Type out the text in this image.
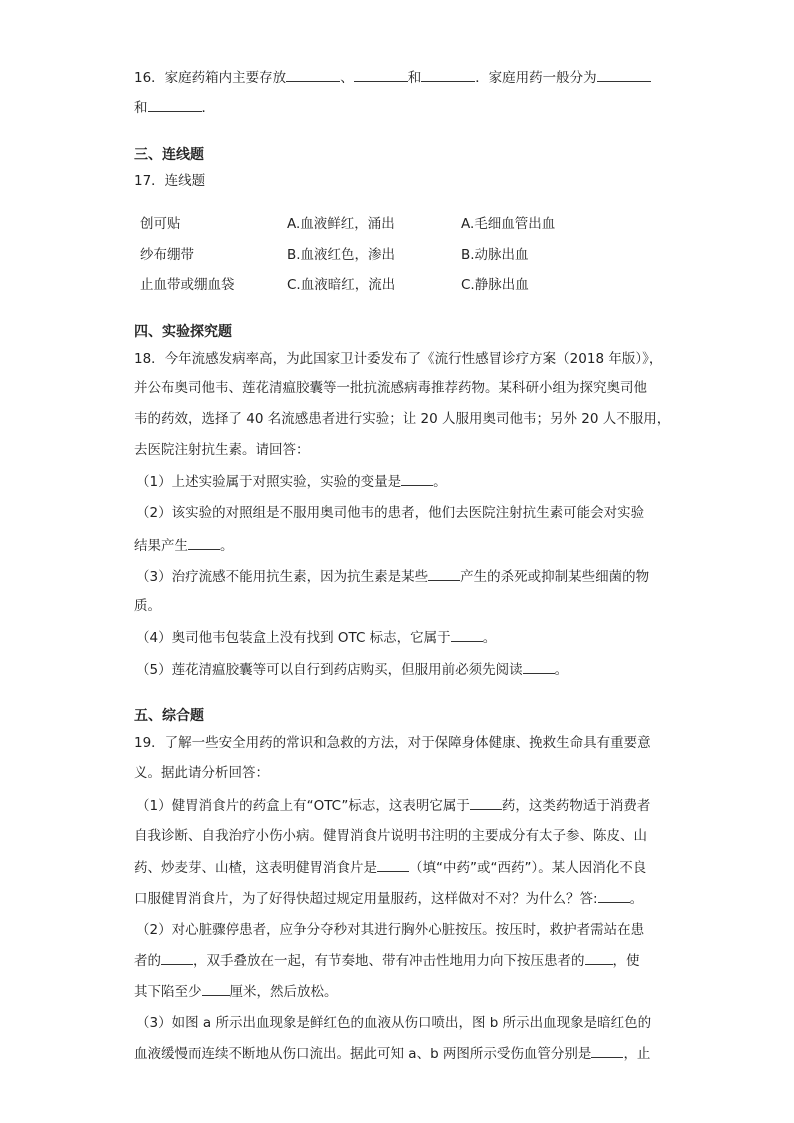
16．家庭药箱内主要存放	、	和	．家庭用药一般分为
和	．
三、连线题
17．连线题
创可贴	A.血液鲜红，涌出	A.毛细血管出血
纱布绷带	B.血液红色，渗出	B.动脉出血
止血带或绷血袋	C.血液暗红，流出	C.静脉出血
四、实验探究题
18．今年流感发病率高，为此国家卫计委发布了《流行性感冒诊疗方案（2018 年版）》，
并公布奥司他韦、莲花清瘟胶囊等一批抗流感病毒推荐药物。某科研小组为探究奥司他
韦的药效，选择了 40 名流感患者进行实验；让 20 人服用奥司他韦；另外 20 人不服用，
去医院注射抗生素。请回答：
（1）上述实验属于对照实验，实验的变量是 。
（2）该实验的对照组是不服用奥司他韦的患者，他们去医院注射抗生素可能会对实验
结果产生 。
（3）治疗流感不能用抗生素，因为抗生素是某些 产生的杀死或抑制某些细菌的物
质。
（4）奥司他韦包装盒上没有找到 OTC 标志，它属于 。
（5）莲花清瘟胶囊等可以自行到药店购买，但服用前必须先阅读 。
五、综合题
19．了解一些安全用药的常识和急救的方法，对于保障身体健康、挽救生命具有重要意
义。据此请分析回答：
（1）健胃消食片的药盒上有“OTC”标志，这表明它属于 药，这类药物适于消费者
自我诊断、自我治疗小伤小病。健胃消食片说明书注明的主要成分有太子参、陈皮、山
药、炒麦芽、山楂，这表明健胃消食片是 （填“中药”或“西药”）。某人因消化不良
口服健胃消食片，为了好得快超过规定用量服药，这样做对不对？为什么？答: 。
（2）对心脏骤停患者，应争分夺秒对其进行胸外心脏按压。按压时，救护者需站在患
者的 ，双手叠放在一起，有节奏地、带有冲击性地用力向下按压患者的 ，使
其下陷至少 厘米，然后放松。
（3）如图 a 所示出血现象是鲜红色的血液从伤口喷出，图 b 所示出血现象是暗红色的
血液缓慢而连续不断地从伤口流出。据此可知 a、b 两图所示受伤血管分别是 ，止
